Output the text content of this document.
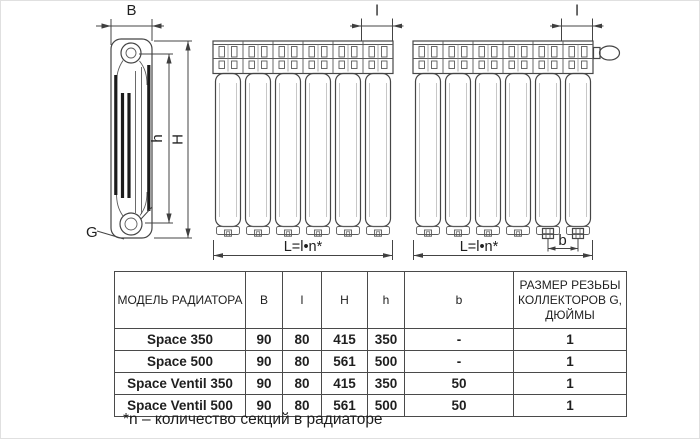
B
h H
G
l
L=l•n*
l
b
L=l•n*
МОДЕЛЬ РАДИАТОРА	B	l	H	h	b	РАЗМЕР РЕЗЬБЫ КОЛЛЕКТОРОВ G, ДЮЙМЫ
Space 350	90	80	415	350	-	1
Space 500	90	80	561	500	-	1
Space Ventil 350	90	80	415	350	50	1
Space Ventil 500	90	80	561	500	50	1
*n – количество секций в радиаторе
